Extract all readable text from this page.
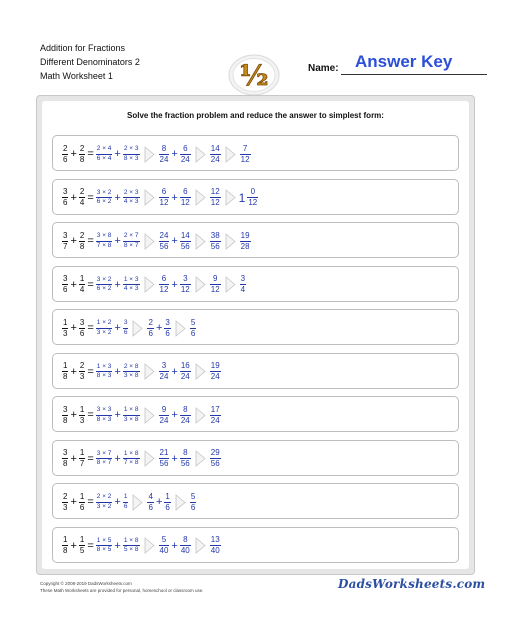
Addition for Fractions
Different Denominators 2
Math Worksheet 1	½	Name: Answer Key
Solve the fraction problem and reduce the answer to simplest form:
$\frac{2}{6} + \frac{2}{8} = \frac{2 \times 4}{6 \times 4} + \frac{2 \times 3}{8 \times 3} \frac{8}{24} + \frac{6}{24} \frac{14}{24} \frac{7}{12}$
$\frac{3}{6} + \frac{2}{4} = \frac{3 \times 2}{6 \times 2} + \frac{2 \times 3}{4 \times 3} \frac{6}{12} + \frac{6}{12} \frac{12}{12} 1 \frac{0}{12}$
$\frac{3}{7} + \frac{2}{8} = \frac{3 \times 8}{7 \times 8} + \frac{2 \times 7}{8 \times 7} \frac{24}{56} + \frac{14}{56} \frac{38}{56} \frac{19}{28}$
$\frac{3}{6} + \frac{1}{4} = \frac{3 \times 2}{6 \times 2} + \frac{1 \times 3}{4 \times 3} \frac{6}{12} + \frac{3}{12} \frac{9}{12} \frac{3}{4}$
$\frac{1}{3} + \frac{3}{6} = \frac{1 \times 2}{3 \times 2} + \frac{3}{6} \frac{2}{6} + \frac{3}{6} \frac{5}{6}$
$\frac{1}{8} + \frac{2}{3} = \frac{1 \times 3}{8 \times 3} + \frac{2 \times 8}{3 \times 8} \frac{3}{24} + \frac{16}{24} \frac{19}{24}$
$\frac{3}{8} + \frac{1}{3} = \frac{3 \times 3}{8 \times 3} + \frac{1 \times 8}{3 \times 8} \frac{9}{24} + \frac{8}{24} \frac{17}{24}$
$\frac{3}{8} + \frac{1}{7} = \frac{3 \times 7}{8 \times 7} + \frac{1 \times 8}{7 \times 8} \frac{21}{56} + \frac{8}{56} \frac{29}{56}$
$\frac{2}{3} + \frac{1}{6} = \frac{2 \times 2}{3 \times 2} + \frac{1}{6} \frac{4}{6} + \frac{1}{6} \frac{5}{6}$
$\frac{1}{8} + \frac{1}{5} = \frac{1 \times 5}{8 \times 5} + \frac{1 \times 8}{5 \times 8} \frac{5}{40} + \frac{8}{40} \frac{13}{40}$
Copyright © 2008-2019 DadsWorksheets.com
These Math Worksheets are provided for personal, homeschool or classroom use.	DadsWorksheets.com
